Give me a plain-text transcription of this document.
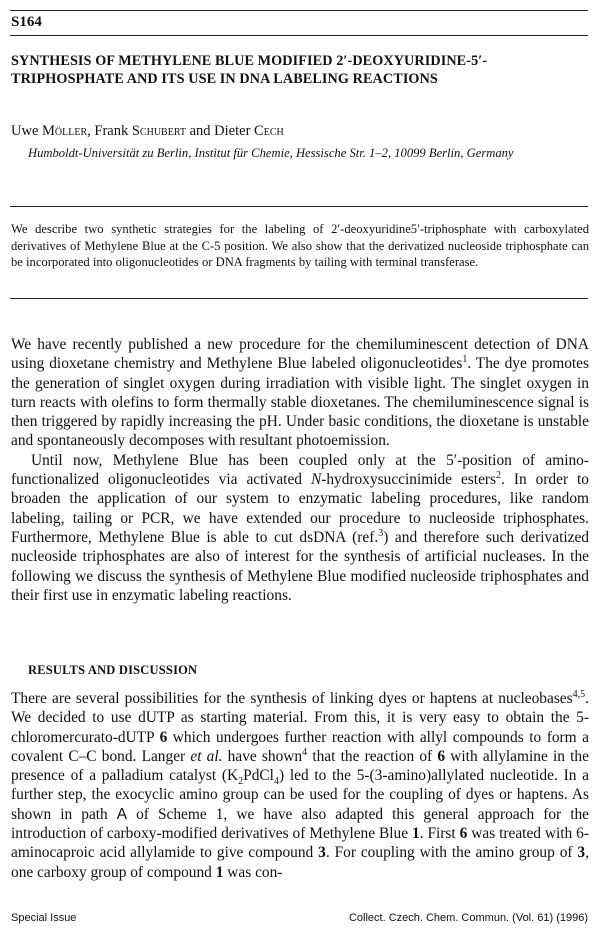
S164
SYNTHESIS OF METHYLENE BLUE MODIFIED 2′-DEOXYURIDINE-5′-TRIPHOSPHATE AND ITS USE IN DNA LABELING REACTIONS
Uwe Möller, Frank Schubert and Dieter Cech
Humboldt-Universität zu Berlin, Institut für Chemie, Hessische Str. 1–2, 10099 Berlin, Germany
We describe two synthetic strategies for the labeling of 2′-deoxyuridine5′-triphosphate with carboxylated derivatives of Methylene Blue at the C-5 position. We also show that the derivatized nucleoside triphosphate can be incorporated into oligonucleotides or DNA fragments by tailing with terminal transferase.

We have recently published a new procedure for the chemiluminescent detection of DNA using dioxetane chemistry and Methylene Blue labeled oligonucleotides$^1$. The dye promotes the generation of singlet oxygen during irradiation with visible light. The singlet oxygen in turn reacts with olefins to form thermally stable dioxetanes. The chemiluminescence signal is then triggered by rapidly increasing the pH. Under basic conditions, the dioxetane is unstable and spontaneously decomposes with resultant photoemission.

Until now, Methylene Blue has been coupled only at the 5′-position of amino-functionalized oligonucleotides via activated N-hydroxysuccinimide esters$^2$. In order to broaden the application of our system to enzymatic labeling procedures, like random labeling, tailing or PCR, we have extended our procedure to nucleoside triphosphates. Furthermore, Methylene Blue is able to cut dsDNA (ref.$^3$) and therefore such derivatized nucleoside triphosphates are also of interest for the synthesis of artificial nucleases. In the following we discuss the synthesis of Methylene Blue modified nucleoside triphosphates and their first use in enzymatic labeling reactions.

RESULTS AND DISCUSSION

There are several possibilities for the synthesis of linking dyes or haptens at nucleobases$^{4,5}$. We decided to use dUTP as starting material. From this, it is very easy to obtain the 5-chloromercurato-dUTP 6 which undergoes further reaction with allyl compounds to form a covalent C–C bond. Langer et al. have shown$^4$ that the reaction of 6 with allylamine in the presence of a palladium catalyst $(K_2PdCl_4)$ led to the 5-(3-amino)allylated nucleotide. In a further step, the exocyclic amino group can be used for the coupling of dyes or haptens. As shown in path A of Scheme 1, we have also adapted this general approach for the introduction of carboxy-modified derivatives of Methylene Blue 1. First 6 was treated with 6-aminocaproic acid allylamide to give compound 3. For coupling with the amino group of 3, one carboxy group of compound 1 was con-

Special Issue	Collect. Czech. Chem. Commun. (Vol. 61) (1996)
